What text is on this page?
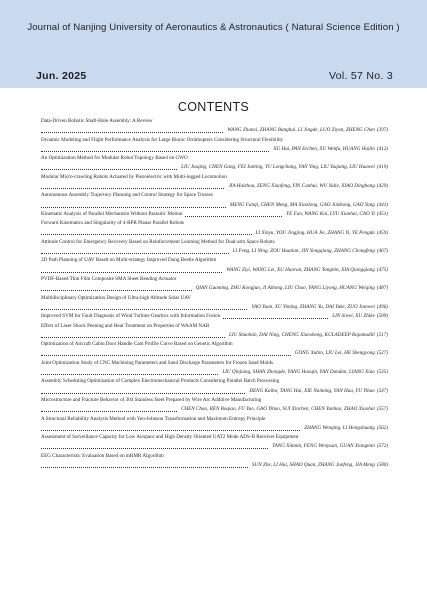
Journal of Nanjing University of Aeronautics & Astronautics ( Natural Science Edition )
Jun. 2025	Vol. 57 No. 3
CONTENTS
Data-Driven Robotic Shaft-Hole Assembly: A Review
WANG Zhanxi, ZHANG Banghai, LI Jingde, LUO Ziyan, ZHENG Chen (397)
Dynamic Modeling and Flight Performance Analysis for Large Bionic Ornithopters Considering Structural Flexibility
XU Hui, PAN Erchen, XU Wenfu, HUANG Hailin (412)
An Optimization Method for Modular Robot Topology Based on GWO
LIU Jiaqing, CHEN Gang, FEI Junting, YU Longchang, YAN Ying, LIU Yuqiang, LIU Huawei (419)
Modular Micro-crawling Robots Actuated by Piezoelectric with Multi-legged Locomotion
JIA Haizhou, ZENG Xiaofeng, YIN Canhui, WU Yulie, XIAO Dingbang (429)
Autonomous Assembly Trajectory Planning and Control Strategy for Space Trusses
MENG Fanqi, CHEN Meng, MA Xiaolong, GAO Jinzhong, GAO Yang (441)
Kinematic Analysis of Parallel Mechanism Without Parasitic Motion	YE Fan, WANG Kai, LYU Xianhai, CAO Yi (451)
Forward Kinematics and Singularity of 4-RPR Planar Parallel Robots
LI Xinyu, YOU Jingjing, HUA Jie, ZHANG Yi, YE Pengda (459)
Attitude Control for Emergency Recovery Based on Reinforcement Learning Method for Dual-arm Space Robots
LI Feng, LI Ning, ZOU Huatian, JIN Yongqiang, ZHANG Chongfeng (467)
3D Path Planning of UAV Based on Multi-strategy Improved Dung Beetle Algorithm
WANG Ziyi, WANG Lei, XU Huoran, ZHANG Tongbin, XIA Qiangqiang (475)
PVDF-Based Thin Film Composite SMA Sheet Bending Actuator
QIAN Guoming, ZHU Kongjun, JI Aihong, LIU Chao, YANG Liyong, HUANG Weiqing (487)
Multidisciplinary Optimization Design of Ultra-high Altitude Solar UAV
YAO Yuan, XU Yiming, ZHANG Yu, DAI Yuke, ZUO Jianwei (496)
Improved SVM for Fault Diagnosis of Wind Turbine Gearbox with Information Fusion	LIN Siwei, XU Zhike (509)
Effect of Laser Shock Peening and Heat Treatment on Properties of WAAM NAB
LIU Shaohan, DAI Ning, CHENG Xiaosheng, KULADEEP Rajamudili (517)
Optimization of Aircraft Cabin Door Handle Cam Profile Curve Based on Genetic Algorithm
GONG Xubin, LIU Lei, HE Shengyong (527)
Joint Optimization Study of CNC Machining Parameters and Sand Discharge Parameters for Frozen Sand Molds
LIU Qinjiang, SHAN Zhongde, YANG Haoqin, YAN Dandan, LIANG Xiao (535)
Assembly Scheduling Optimization of Complex Electromechanical Products Considering Parallel Batch Processing
DENG Kaibo, TANG Hui, XIE Naiming, YAN Hua, YU Yihao (547)
Microstructure and Fracture Behavior of 304 Stainless Steel Prepared by Wire Arc Additive Manufacturing
CHEN Chao, REN Boqiao, FU Yao, GAO Yihao, SUI Xinchen, CHEN Yunhao, ZHAO Xiaohai (557)
A Structural Reliability Analysis Method with Yeo-Johnson Transformation and Maximum Entropy Principle
ZHANG Wenqing, LI Hongshuang (562)
Assessment of Surveillance Capacity for Low Airspace and High Density Oriented UAT2 Mode ADS-B Receiver Equipment
TANG Xinmin, FENG Wenyuan, GUAN Xiangmin (572)
EEG Characteristic Evaluation Based on mRMR Algorithm
SUN Zhe, LI Hui, SHAO Quan, ZHANG Junfeng, JIA Meng (580)
